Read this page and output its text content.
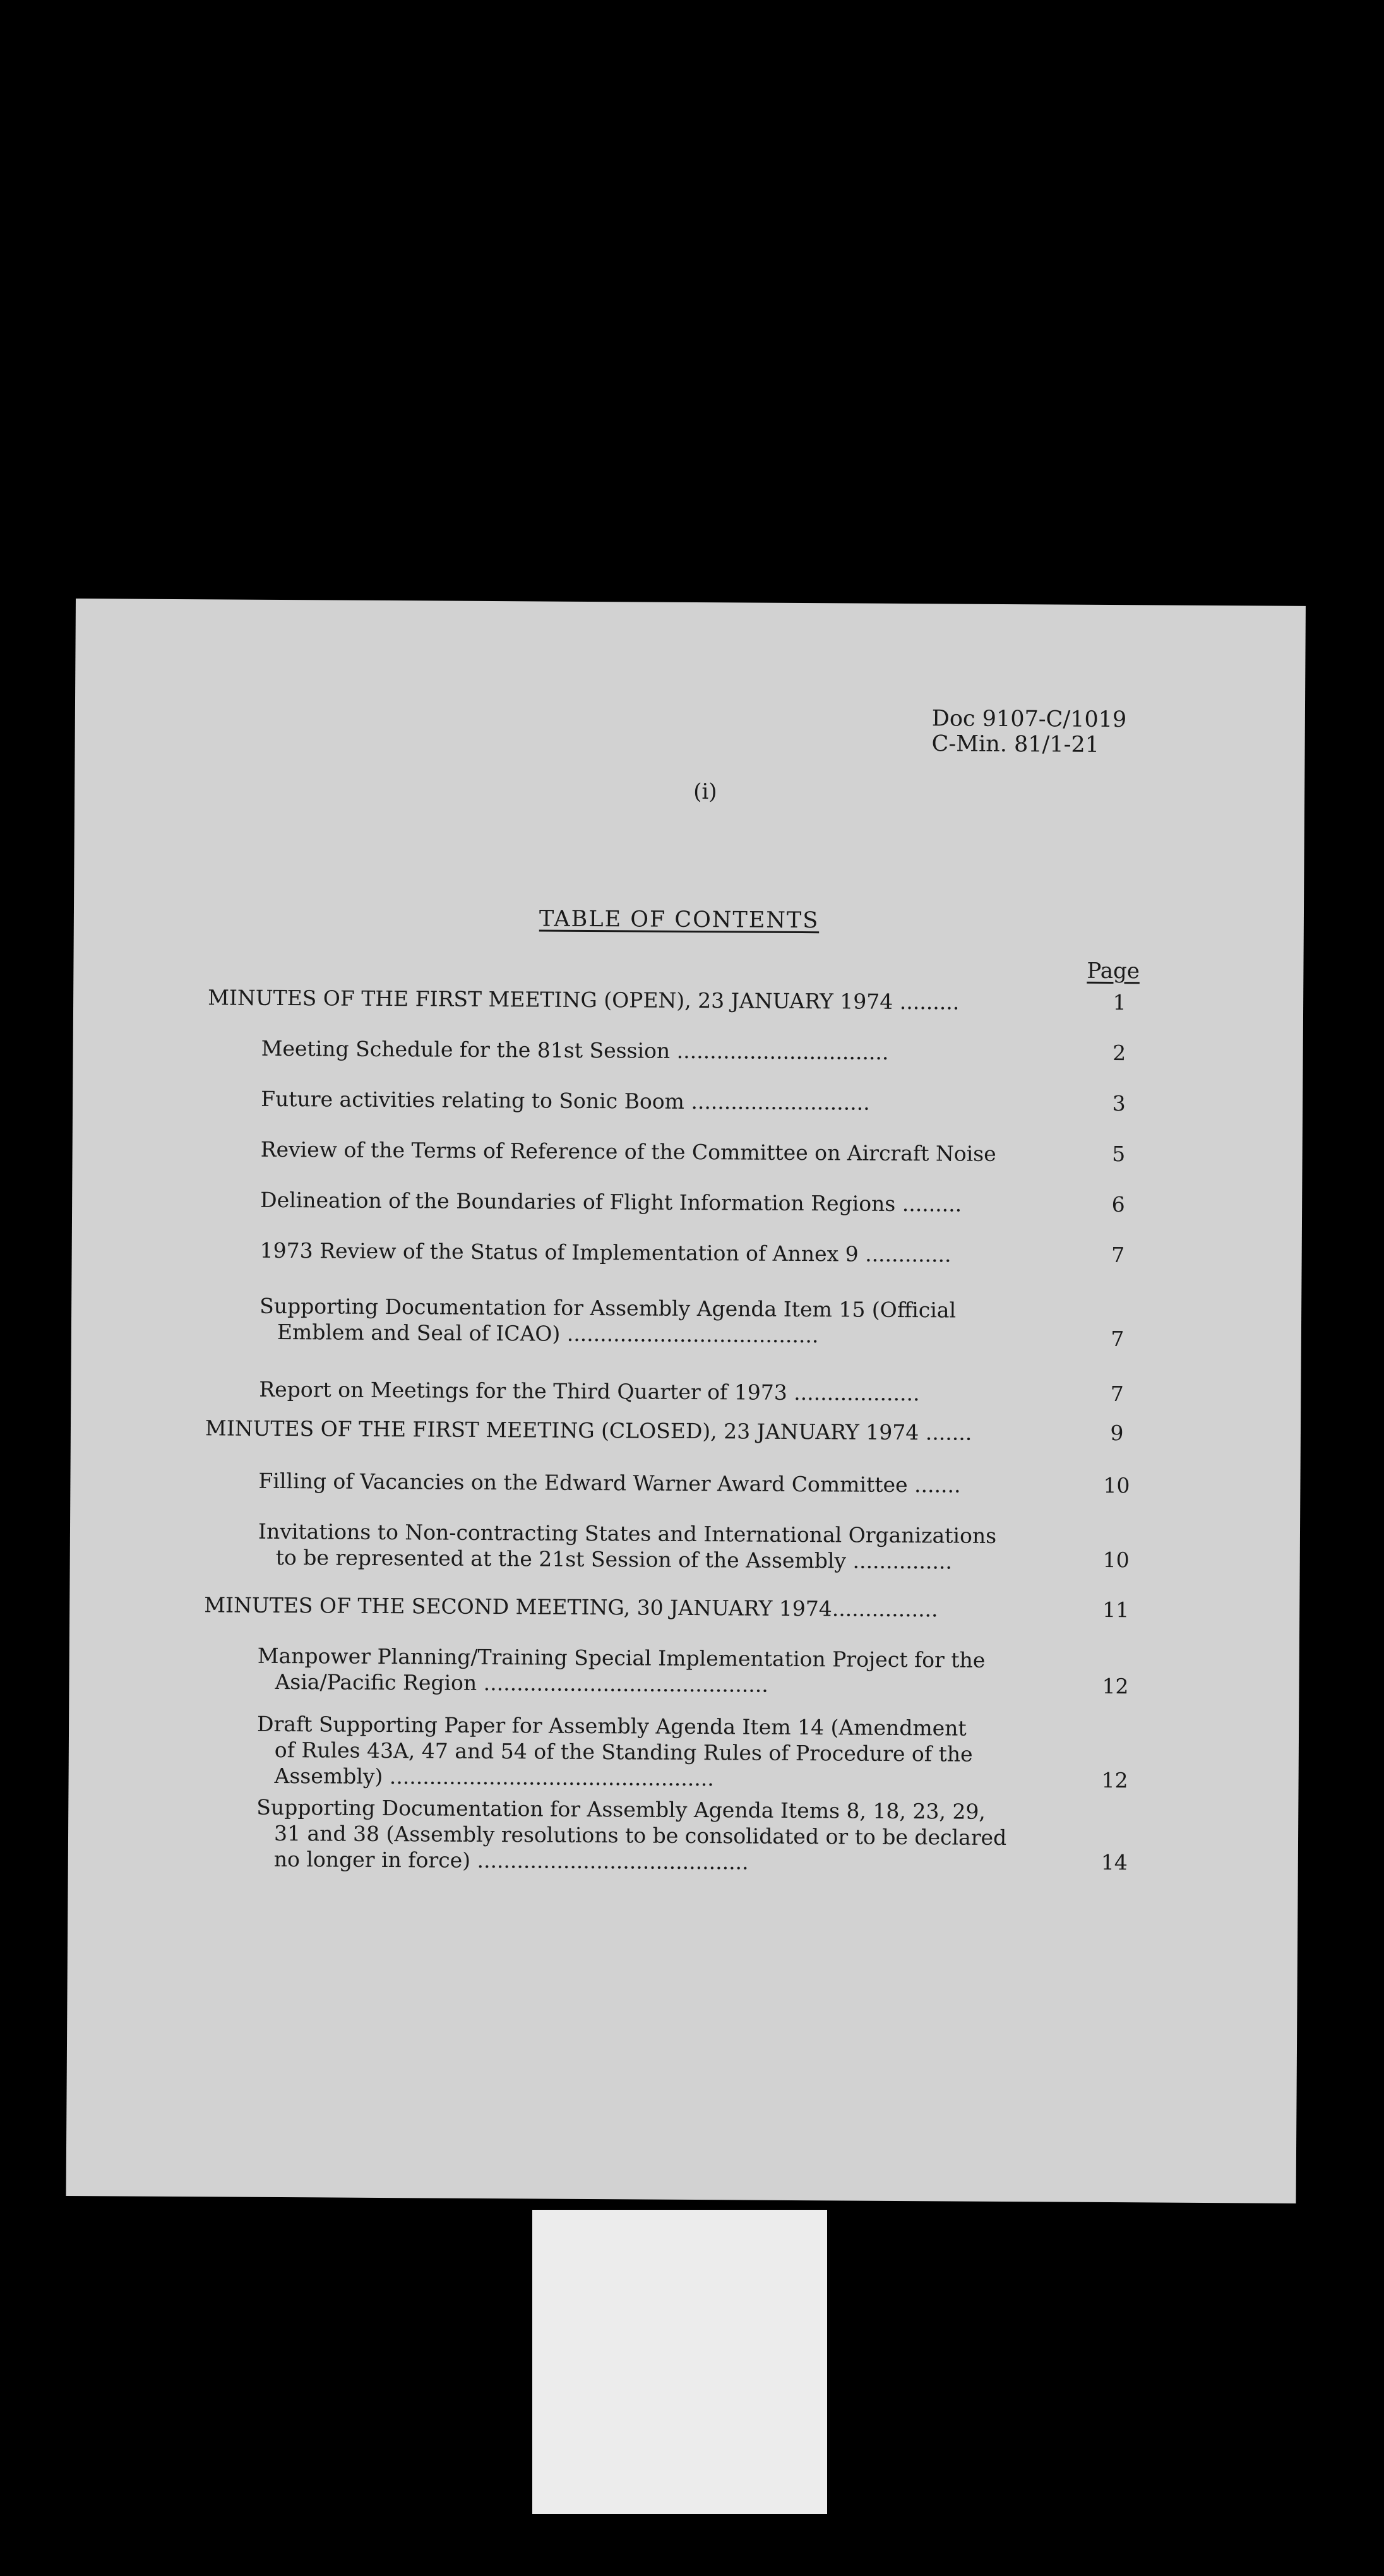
Doc 9107-C/1019
C-Min. 81/1-21
(i)
TABLE OF CONTENTS
Page
MINUTES OF THE FIRST MEETING (OPEN), 23 JANUARY 1974 .........	1
Meeting Schedule for the 81st Session ................................	2
Future activities relating to Sonic Boom ...........................	3
Review of the Terms of Reference of the Committee on Aircraft Noise	5
Delineation of the Boundaries of Flight Information Regions .........	6
1973 Review of the Status of Implementation of Annex 9 .............	7
Supporting Documentation for Assembly Agenda Item 15 (Official
Emblem and Seal of ICAO) ......................................	7
Report on Meetings for the Third Quarter of 1973 ...................	7
MINUTES OF THE FIRST MEETING (CLOSED), 23 JANUARY 1974 .......	9
Filling of Vacancies on the Edward Warner Award Committee .......	10
Invitations to Non-contracting States and International Organizations
to be represented at the 21st Session of the Assembly ...............	10
MINUTES OF THE SECOND MEETING, 30 JANUARY 1974................	11
Manpower Planning/Training Special Implementation Project for the
Asia/Pacific Region ...........................................	12
Draft Supporting Paper for Assembly Agenda Item 14 (Amendment
of Rules 43A, 47 and 54 of the Standing Rules of Procedure of the
Assembly) .................................................	12
Supporting Documentation for Assembly Agenda Items 8, 18, 23, 29,
31 and 38 (Assembly resolutions to be consolidated or to be declared
no longer in force) .........................................	14
